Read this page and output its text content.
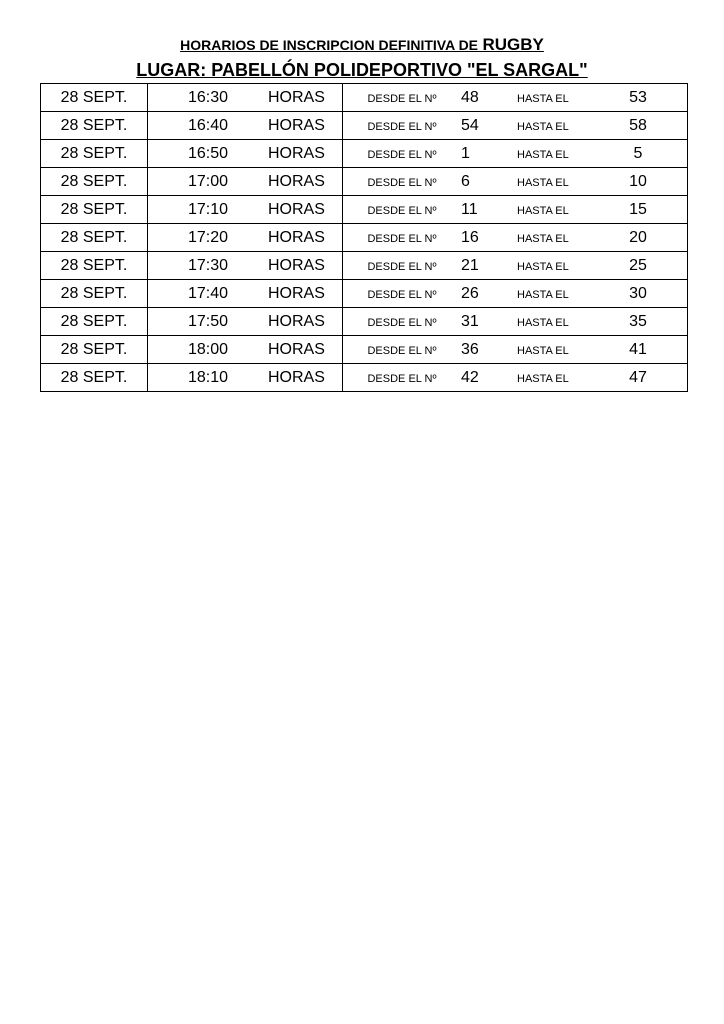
HORARIOS DE INSCRIPCION DEFINITIVA DE RUGBY
LUGAR: PABELLÓN POLIDEPORTIVO "EL SARGAL"
28 SEPT.	16:30	HORAS	DESDE EL Nº	48	HASTA EL	53
28 SEPT.	16:40	HORAS	DESDE EL Nº	54	HASTA EL	58
28 SEPT.	16:50	HORAS	DESDE EL Nº	1	HASTA EL	5
28 SEPT.	17:00	HORAS	DESDE EL Nº	6	HASTA EL	10
28 SEPT.	17:10	HORAS	DESDE EL Nº	11	HASTA EL	15
28 SEPT.	17:20	HORAS	DESDE EL Nº	16	HASTA EL	20
28 SEPT.	17:30	HORAS	DESDE EL Nº	21	HASTA EL	25
28 SEPT.	17:40	HORAS	DESDE EL Nº	26	HASTA EL	30
28 SEPT.	17:50	HORAS	DESDE EL Nº	31	HASTA EL	35
28 SEPT.	18:00	HORAS	DESDE EL Nº	36	HASTA EL	41
28 SEPT.	18:10	HORAS	DESDE EL Nº	42	HASTA EL	47
